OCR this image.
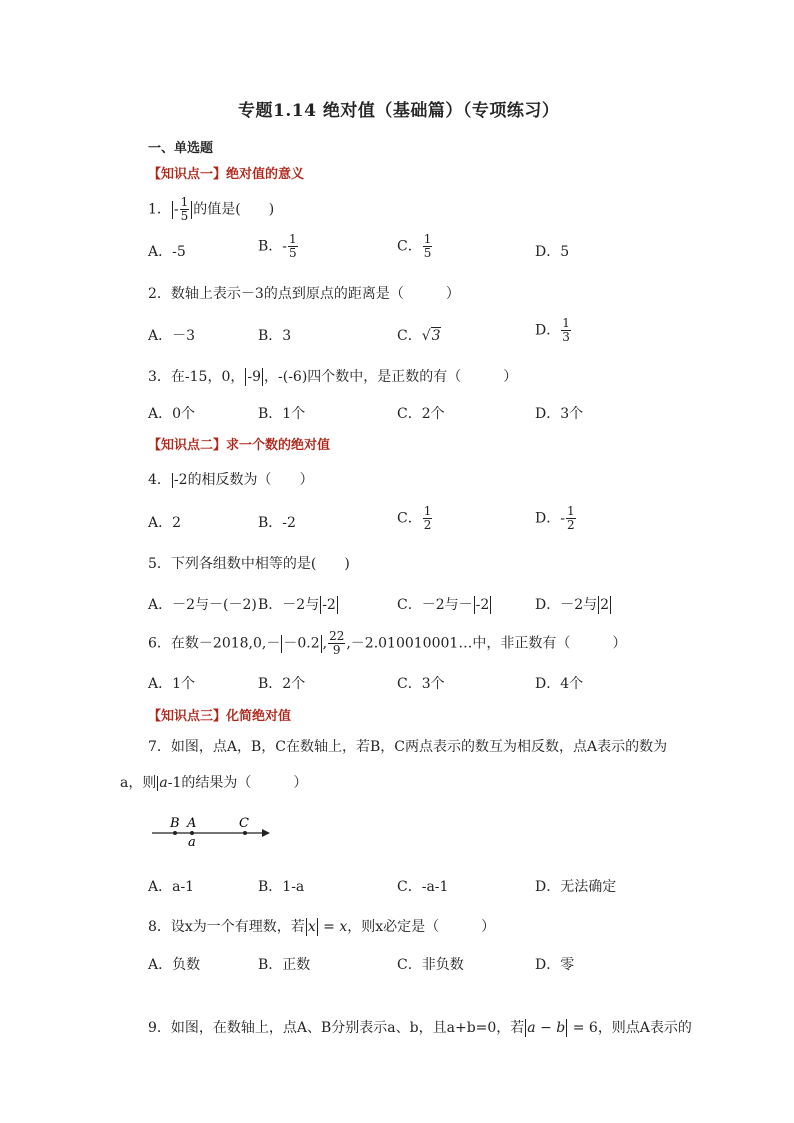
专题1.14 绝对值（基础篇）（专项练习）
一、单选题
【知识点一】绝对值的意义
1． - $\frac{1}{5}$ 的值是(　　)
A．-5	B．- $\frac{1}{5}$	C． $\frac{1}{5}$	D．5
2．数轴上表示－3的点到原点的距离是（　　　）
A．－3	B．3	C．√3	D． $\frac{1}{3}$
3．在-15，0， -9 ，-(-6)四个数中，是正数的有（　　　）
A．0个	B．1个	C．2个	D．3个
【知识点二】求一个数的绝对值
4． -2的相反数为（　　）
A．2	B．-2	C． $\frac{1}{2}$	D．- $\frac{1}{2}$
5．下列各组数中相等的是(　　)
A．－2与－(－2) B．－2与 -2	C．－2与－ -2	D．－2与 2
6．在数－2018,0,－ －0.2 , $\frac{22}{9}$ ,－2.010010001…中，非正数有（　　　）
A．1个	B．2个	C．3个	D．4个
【知识点三】化简绝对值
7．如图，点A，B，C在数轴上，若B，C两点表示的数互为相反数，点A表示的数为
a，则 a-1的结果为（　　　）
B A	C
a
A．a-1	B．1-a	C．-a-1	D．无法确定
8．设x为一个有理数，若 x = x，则x必定是（　　　）
A．负数	B．正数	C．非负数	D．零
9．如图，在数轴上，点A、B分别表示a、b，且a+b=0，若 a − b = 6，则点A表示的
